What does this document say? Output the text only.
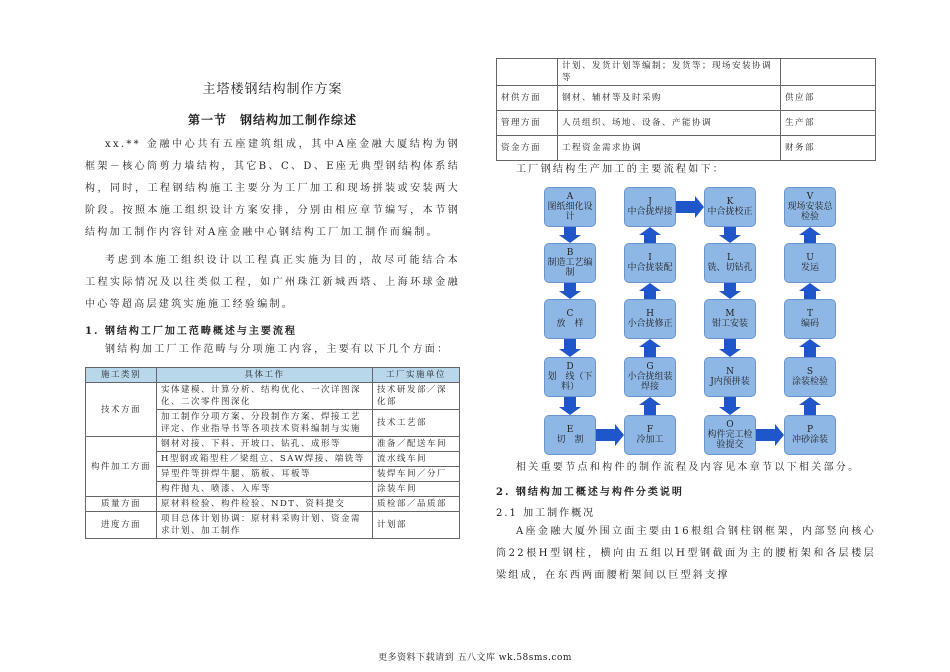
主塔楼钢结构制作方案
第一节　钢结构加工制作综述

xx.** 金融中心共有五座建筑组成，其中A座金融大厦结构为钢框架－核心筒剪力墙结构，其它B、C、D、E座无典型钢结构体系结构，同时，工程钢结构施工主要分为工厂加工和现场拼装或安装两大阶段。按照本施工组织设计方案安排，分别由相应章节编写，本节钢结构加工制作内容针对A座金融中心钢结构工厂加工制作而编制。

考虑到本施工组织设计以工程真正实施为目的，故尽可能结合本工程实际情况及以往类似工程，如广州珠江新城西塔、上海环球金融中心等超高层建筑实施施工经验编制。

1. 钢结构工厂加工范畴概述与主要流程

钢结构加工厂工作范畴与分项施工内容，主要有以下几个方面：

施工类别	具体工作	工厂实施单位
技术方面	实体建模、计算分析、结构优化、一次详图深化、二次零件图深化	技术研发部／深化部
	加工制作分项方案、分段制作方案、焊接工艺评定、作业指导书等各项技术资料编制与实施	技术工艺部
构件加工方面	钢材对接、下料、开坡口、钻孔、成形等	准备／配送车间
	H型钢或箱型柱／梁组立、SAW焊接、端铣等	流水线车间
	异型件等拼焊牛腿、筋板、耳板等	装焊车间／分厂
	构件抛丸、喷漆、入库等	涂装车间
质量方面	原材料检验、构件检验、NDT、资料提交	质检部／品质部
进度方面	项目总体计划协调：原材料采购计划、资金需求计划、加工制作	计划部
	计划、发货计划等编制；发货等；现场安装协调等	
材供方面	钢材、辅材等及时采购	供应部
管理方面	人员组织、场地、设备、产能协调	生产部
资金方面	工程资金需求协调	财务部

工厂钢结构生产加工的主要流程如下：

A
图纸细化设计
B
制造工艺编制
C
放　样
D
划　线（下料）
E
切　割
J
中合拢焊接
I
中合拢装配
H
小合拢修正
G
小合拢组装焊接
F
冷加工
K
中合拢校正
L
铣、切钻孔
M
钳工安装
N
J内预拼装
O
构件完工检验提交
V
现场安装总检验
U
发运
T
编码
S
涂装检验
P
冲砂涂装

相关重要节点和构件的制作流程及内容见本章节以下相关部分。

2. 钢结构加工概述与构件分类说明
2.1 加工制作概况

A座金融大厦外围立面主要由16根组合钢柱钢框架，内部竖向核心筒22根H型钢柱，横向由五组以H型钢截面为主的腰桁架和各层楼层梁组成，在东西两面腰桁架间以巨型斜支撑

更多资料下载请到 五八文库 wk.58sms.com
